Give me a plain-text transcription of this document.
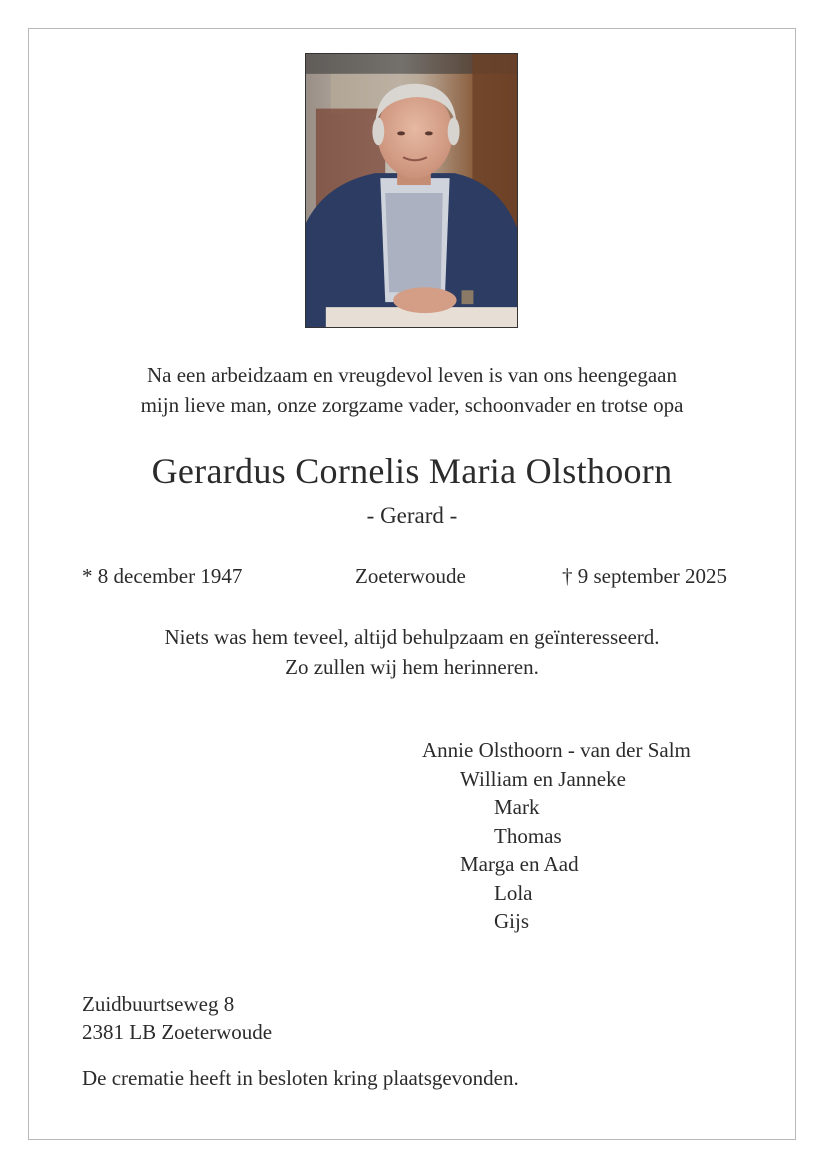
Na een arbeidzaam en vreugdevol leven is van ons heengegaan
mijn lieve man, onze zorgzame vader, schoonvader en trotse opa
Gerardus Cornelis Maria Olsthoorn
- Gerard -
* 8 december 1947	Zoeterwoude	† 9 september 2025
Niets was hem teveel, altijd behulpzaam en geïnteresseerd.
Zo zullen wij hem herinneren.
Annie Olsthoorn - van der Salm
William en Janneke
Mark
Thomas
Marga en Aad
Lola
Gijs
Zuidbuurtseweg 8
2381 LB Zoeterwoude
De crematie heeft in besloten kring plaatsgevonden.
